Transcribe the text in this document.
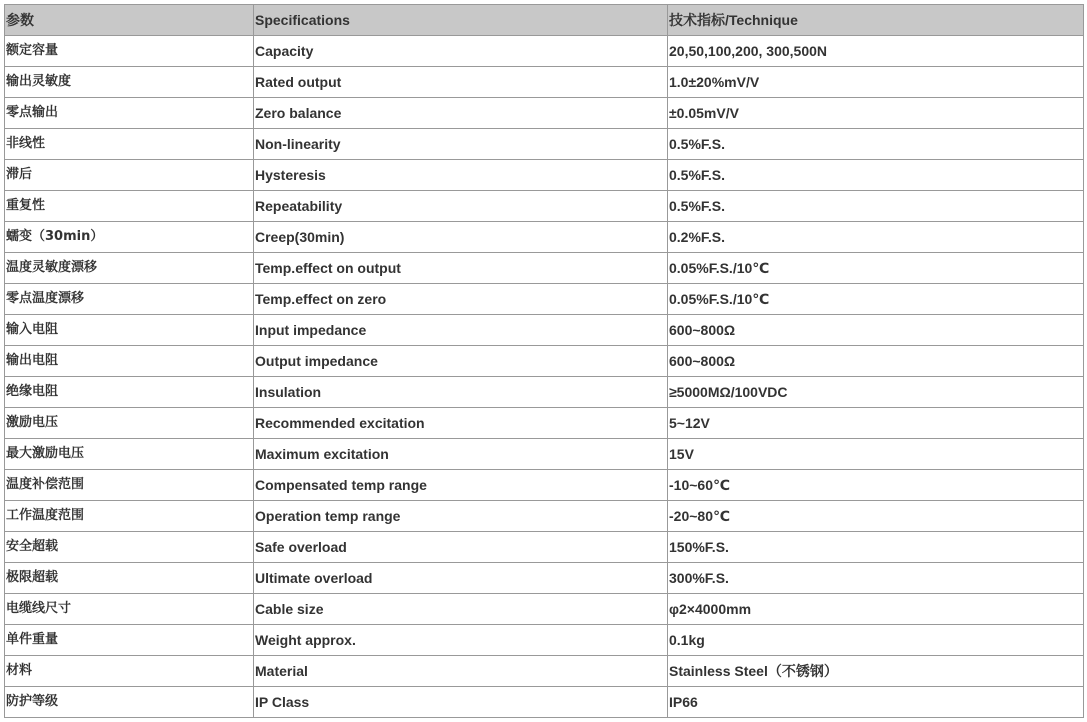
参数	Specifications	技术指标/Technique
额定容量	Capacity	20,50,100,200, 300,500N
输出灵敏度	Rated output	1.0±20%mV/V
零点输出	Zero balance	±0.05mV/V
非线性	Non-linearity	0.5%F.S.
滞后	Hysteresis	0.5%F.S.
重复性	Repeatability	0.5%F.S.
蠕变（30min）	Creep(30min)	0.2%F.S.
温度灵敏度漂移	Temp.effect on output	0.05%F.S./10℃
零点温度漂移	Temp.effect on zero	0.05%F.S./10℃
输入电阻	Input impedance	600~800Ω
输出电阻	Output impedance	600~800Ω
绝缘电阻	Insulation	≥5000MΩ/100VDC
激励电压	Recommended excitation	5~12V
最大激励电压	Maximum excitation	15V
温度补偿范围	Compensated temp range	-10~60℃
工作温度范围	Operation temp range	-20~80℃
安全超载	Safe overload	150%F.S.
极限超载	Ultimate overload	300%F.S.
电缆线尺寸	Cable size	φ2×4000mm
单件重量	Weight approx.	0.1kg
材料	Material	Stainless Steel（不锈钢）
防护等级	IP Class	IP66
